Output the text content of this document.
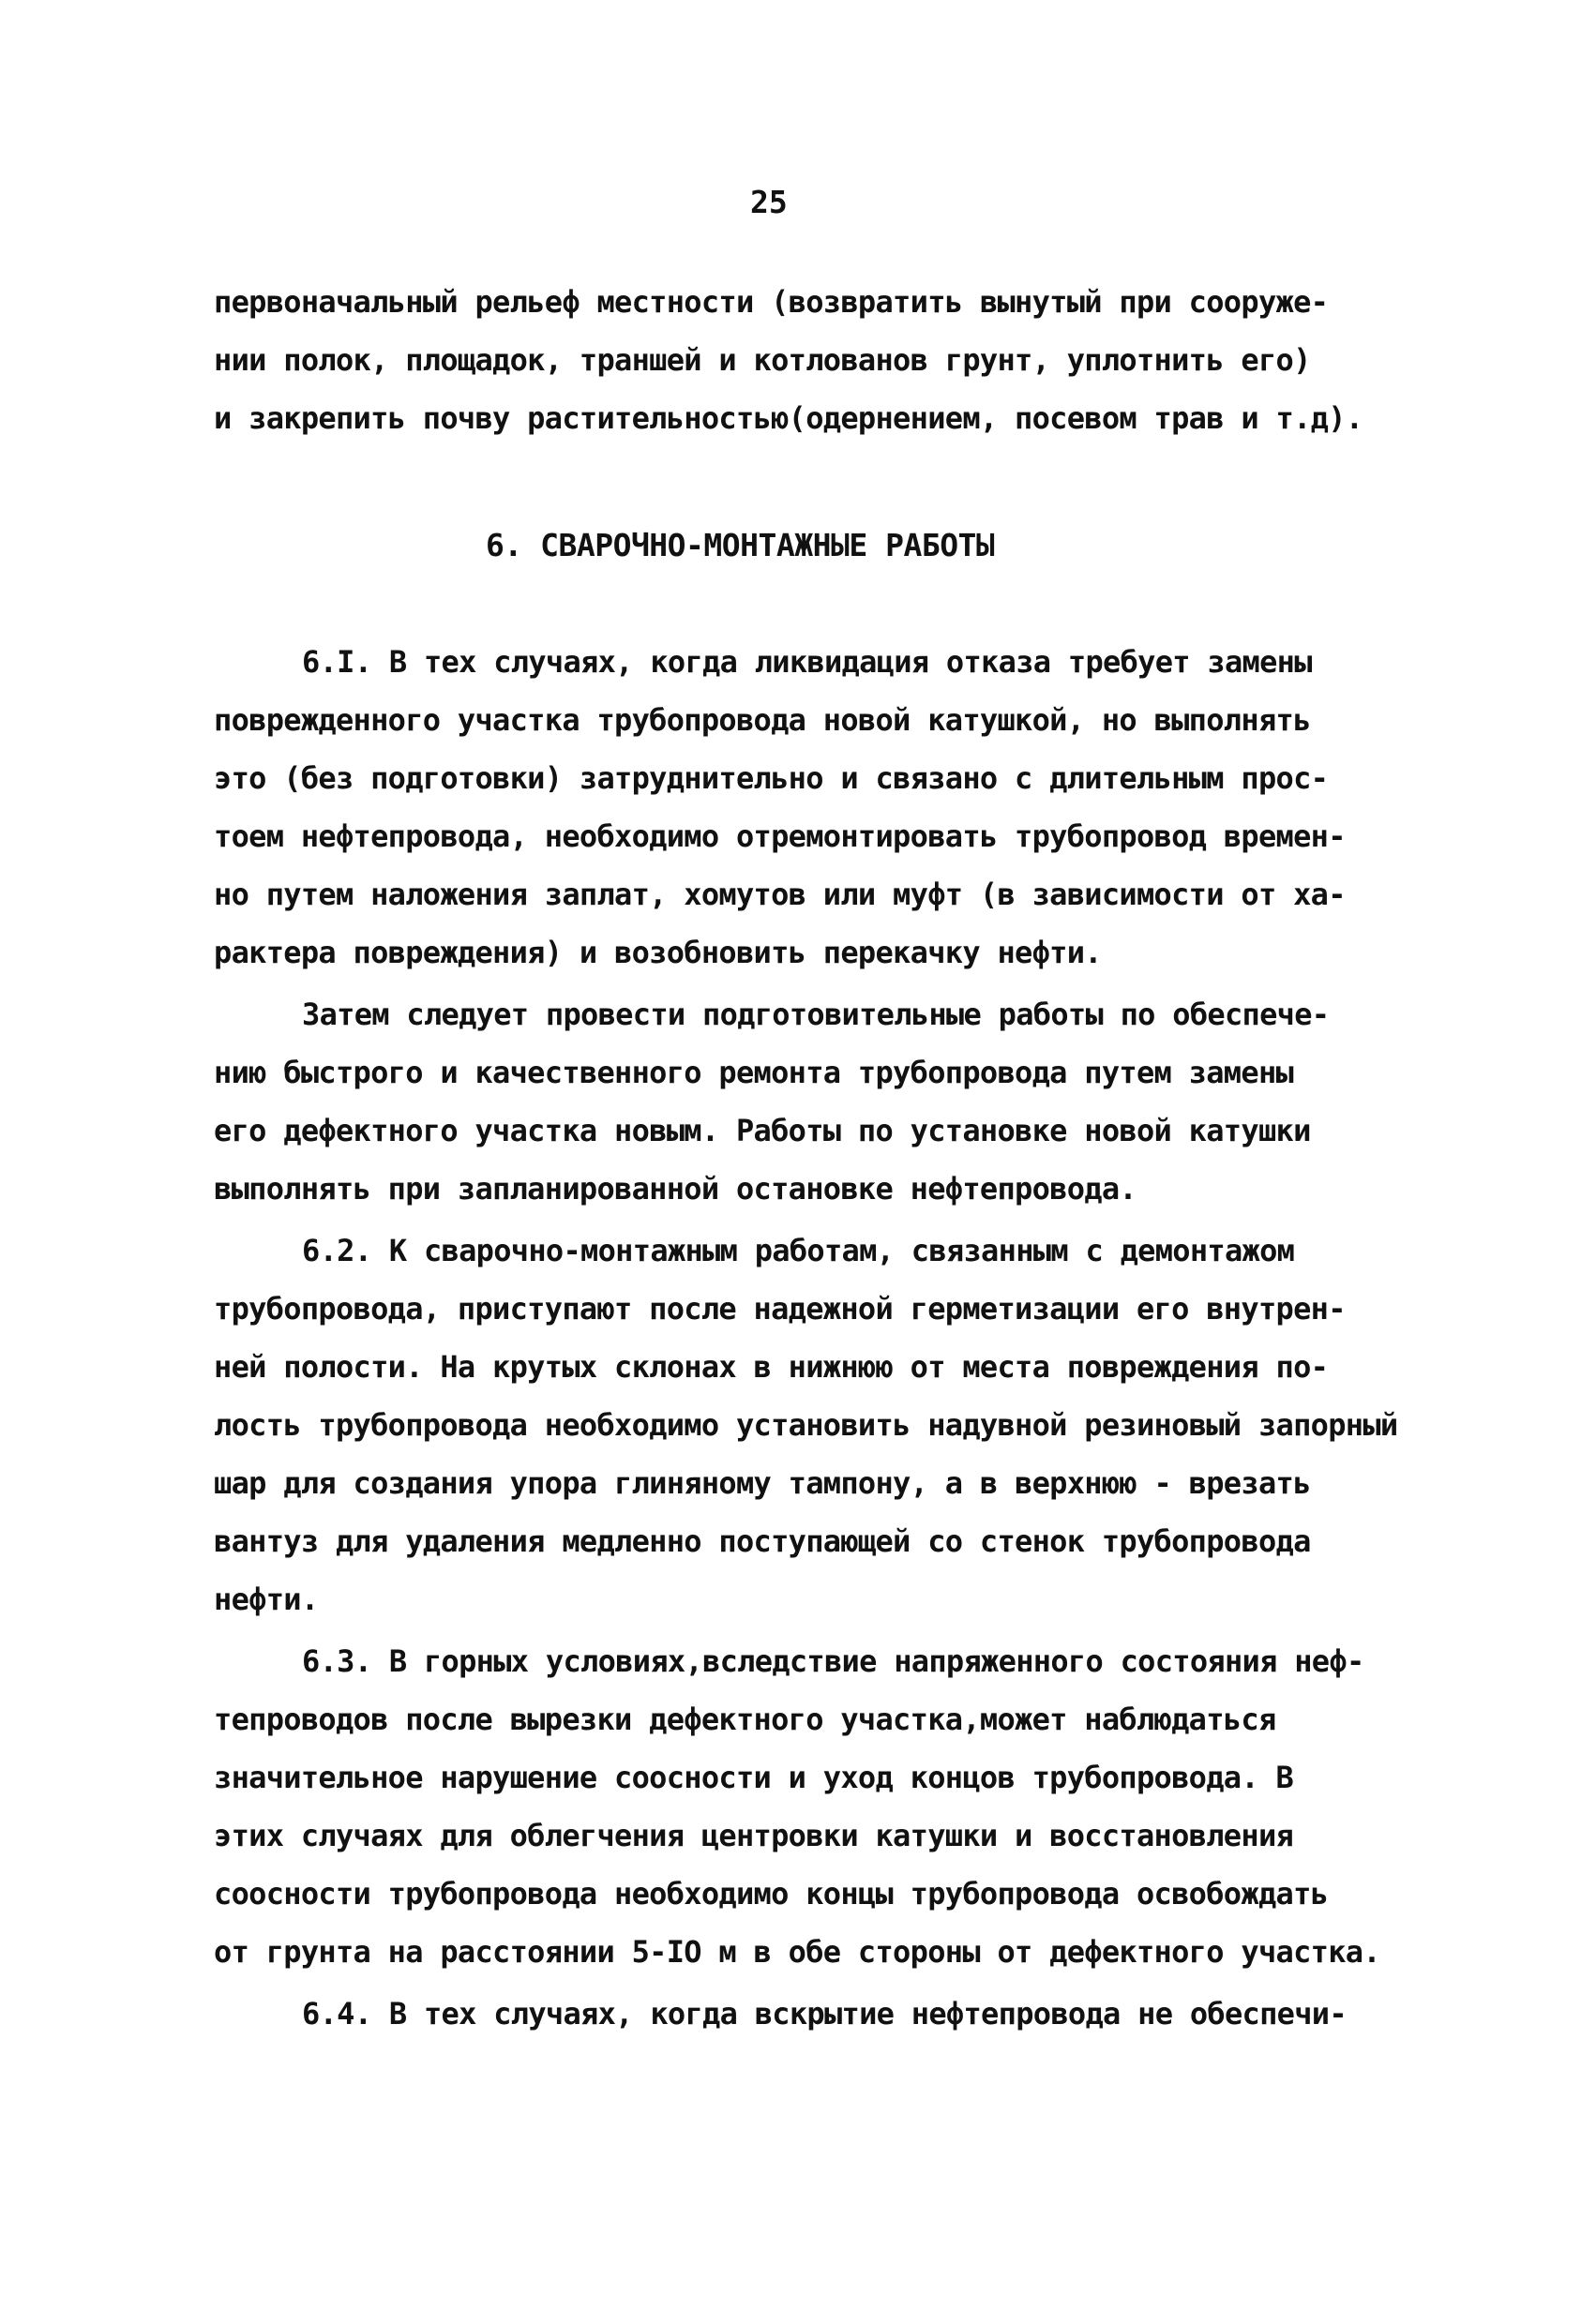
25
первоначальный рельеф местности (возвратить вынутый при сооруже-
нии полок, площадок, траншей и котлованов грунт, уплотнить его)
и закрепить почву растительностью(одернением, посевом трав и т.д).
6. СВАРОЧНО-МОНТАЖНЫЕ РАБОТЫ
6.I. В тех случаях, когда ликвидация отказа требует замены
поврежденного участка трубопровода новой катушкой, но выполнять
это (без подготовки) затруднительно и связано с длительным прос-
тоем нефтепровода, необходимо отремонтировать трубопровод времен-
но путем наложения заплат, хомутов или муфт (в зависимости от ха-
рактера повреждения) и возобновить перекачку нефти.
Затем следует провести подготовительные работы по обеспече-
нию быстрого и качественного ремонта трубопровода путем замены
его дефектного участка новым. Работы по установке новой катушки
выполнять при запланированной остановке нефтепровода.
6.2. К сварочно-монтажным работам, связанным с демонтажом
трубопровода, приступают после надежной герметизации его внутрен-
ней полости. На крутых склонах в нижнюю от места повреждения по-
лость трубопровода необходимо установить надувной резиновый запорный
шар для создания упора глиняному тампону, а в верхнюю - врезать
вантуз для удаления медленно поступающей со стенок трубопровода
нефти.
6.3. В горных условиях,вследствие напряженного состояния неф-
тепроводов после вырезки дефектного участка,может наблюдаться
значительное нарушение соосности и уход концов трубопровода. В
этих случаях для облегчения центровки катушки и восстановления
соосности трубопровода необходимо концы трубопровода освобождать
от грунта на расстоянии 5-IO м в обе стороны от дефектного участка.
6.4. В тех случаях, когда вскрытие нефтепровода не обеспечи-
